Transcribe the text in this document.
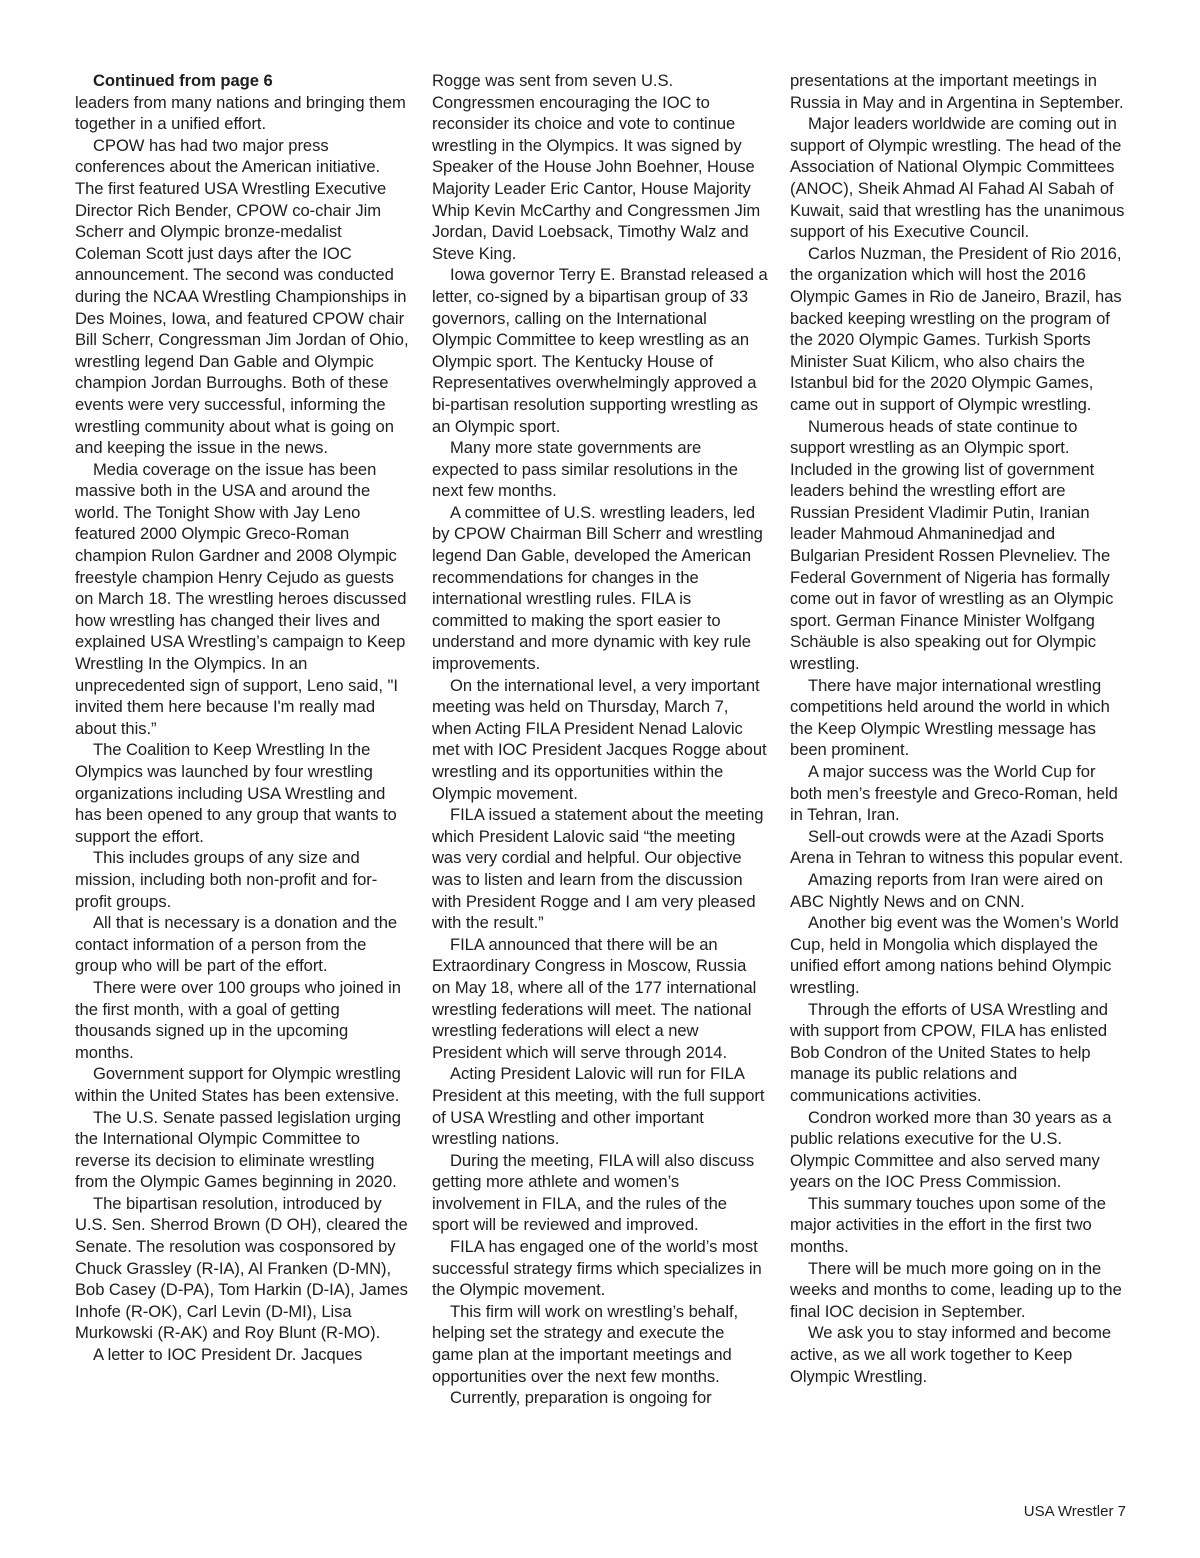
Continued from page 6

leaders from many nations and bringing them together in a unified effort.

CPOW has had two major press conferences about the American initiative. The first featured USA Wrestling Executive Director Rich Bender, CPOW co-chair Jim Scherr and Olympic bronze-medalist Coleman Scott just days after the IOC announcement. The second was conducted during the NCAA Wrestling Championships in Des Moines, Iowa, and featured CPOW chair Bill Scherr, Congressman Jim Jordan of Ohio, wrestling legend Dan Gable and Olympic champion Jordan Burroughs. Both of these events were very successful, informing the wrestling community about what is going on and keeping the issue in the news.

Media coverage on the issue has been massive both in the USA and around the world. The Tonight Show with Jay Leno featured 2000 Olympic Greco-Roman champion Rulon Gardner and 2008 Olympic freestyle champion Henry Cejudo as guests on March 18. The wrestling heroes discussed how wrestling has changed their lives and explained USA Wrestling’s campaign to Keep Wrestling In the Olympics. In an unprecedented sign of support, Leno said, "I invited them here because I'm really mad about this.”

The Coalition to Keep Wrestling In the Olympics was launched by four wrestling organizations including USA Wrestling and has been opened to any group that wants to support the effort.

This includes groups of any size and mission, including both non-profit and for-profit groups.

All that is necessary is a donation and the contact information of a person from the group who will be part of the effort.

There were over 100 groups who joined in the first month, with a goal of getting thousands signed up in the upcoming months.

Government support for Olympic wrestling within the United States has been extensive.

The U.S. Senate passed legislation urging the International Olympic Committee to reverse its decision to eliminate wrestling from the Olympic Games beginning in 2020.

The bipartisan resolution, introduced by U.S. Sen. Sherrod Brown (D OH), cleared the Senate. The resolution was cosponsored by Chuck Grassley (R-IA), Al Franken (D-MN), Bob Casey (D-PA), Tom Harkin (D-IA), James Inhofe (R-OK), Carl Levin (D-MI), Lisa Murkowski (R-AK) and Roy Blunt (R-MO).

A letter to IOC President Dr. Jacques

Rogge was sent from seven U.S. Congressmen encouraging the IOC to reconsider its choice and vote to continue wrestling in the Olympics. It was signed by Speaker of the House John Boehner, House Majority Leader Eric Cantor, House Majority Whip Kevin McCarthy and Congressmen Jim Jordan, David Loebsack, Timothy Walz and Steve King.

Iowa governor Terry E. Branstad released a letter, co-signed by a bipartisan group of 33 governors, calling on the International Olympic Committee to keep wrestling as an Olympic sport. The Kentucky House of Representatives overwhelmingly approved a bi-partisan resolution supporting wrestling as an Olympic sport.

Many more state governments are expected to pass similar resolutions in the next few months.

A committee of U.S. wrestling leaders, led by CPOW Chairman Bill Scherr and wrestling legend Dan Gable, developed the American recommendations for changes in the international wrestling rules. FILA is committed to making the sport easier to understand and more dynamic with key rule improvements.

On the international level, a very important meeting was held on Thursday, March 7, when Acting FILA President Nenad Lalovic met with IOC President Jacques Rogge about wrestling and its opportunities within the Olympic movement.

FILA issued a statement about the meeting which President Lalovic said “the meeting was very cordial and helpful. Our objective was to listen and learn from the discussion with President Rogge and I am very pleased with the result.”

FILA announced that there will be an Extraordinary Congress in Moscow, Russia on May 18, where all of the 177 international wrestling federations will meet. The national wrestling federations will elect a new President which will serve through 2014.

Acting President Lalovic will run for FILA President at this meeting, with the full support of USA Wrestling and other important wrestling nations.

During the meeting, FILA will also discuss getting more athlete and women’s involvement in FILA, and the rules of the sport will be reviewed and improved.

FILA has engaged one of the world’s most successful strategy firms which specializes in the Olympic movement.

This firm will work on wrestling’s behalf, helping set the strategy and execute the game plan at the important meetings and opportunities over the next few months.

Currently, preparation is ongoing for

presentations at the important meetings in Russia in May and in Argentina in September.

Major leaders worldwide are coming out in support of Olympic wrestling. The head of the Association of National Olympic Committees (ANOC), Sheik Ahmad Al Fahad Al Sabah of Kuwait, said that wrestling has the unanimous support of his Executive Council.

Carlos Nuzman, the President of Rio 2016, the organization which will host the 2016 Olympic Games in Rio de Janeiro, Brazil, has backed keeping wrestling on the program of the 2020 Olympic Games. Turkish Sports Minister Suat Kilicm, who also chairs the Istanbul bid for the 2020 Olympic Games, came out in support of Olympic wrestling.

Numerous heads of state continue to support wrestling as an Olympic sport. Included in the growing list of government leaders behind the wrestling effort are Russian President Vladimir Putin, Iranian leader Mahmoud Ahmaninedjad and Bulgarian President Rossen Plevneliev. The Federal Government of Nigeria has formally come out in favor of wrestling as an Olympic sport. German Finance Minister Wolfgang Schäuble is also speaking out for Olympic wrestling.

There have major international wrestling competitions held around the world in which the Keep Olympic Wrestling message has been prominent.

A major success was the World Cup for both men’s freestyle and Greco-Roman, held in Tehran, Iran.

Sell-out crowds were at the Azadi Sports Arena in Tehran to witness this popular event.

Amazing reports from Iran were aired on ABC Nightly News and on CNN.

Another big event was the Women’s World Cup, held in Mongolia which displayed the unified effort among nations behind Olympic wrestling.

Through the efforts of USA Wrestling and with support from CPOW, FILA has enlisted Bob Condron of the United States to help manage its public relations and communications activities.

Condron worked more than 30 years as a public relations executive for the U.S. Olympic Committee and also served many years on the IOC Press Commission.

This summary touches upon some of the major activities in the effort in the first two months.

There will be much more going on in the weeks and months to come, leading up to the final IOC decision in September.

We ask you to stay informed and become active, as we all work together to Keep Olympic Wrestling.

USA Wrestler 7
